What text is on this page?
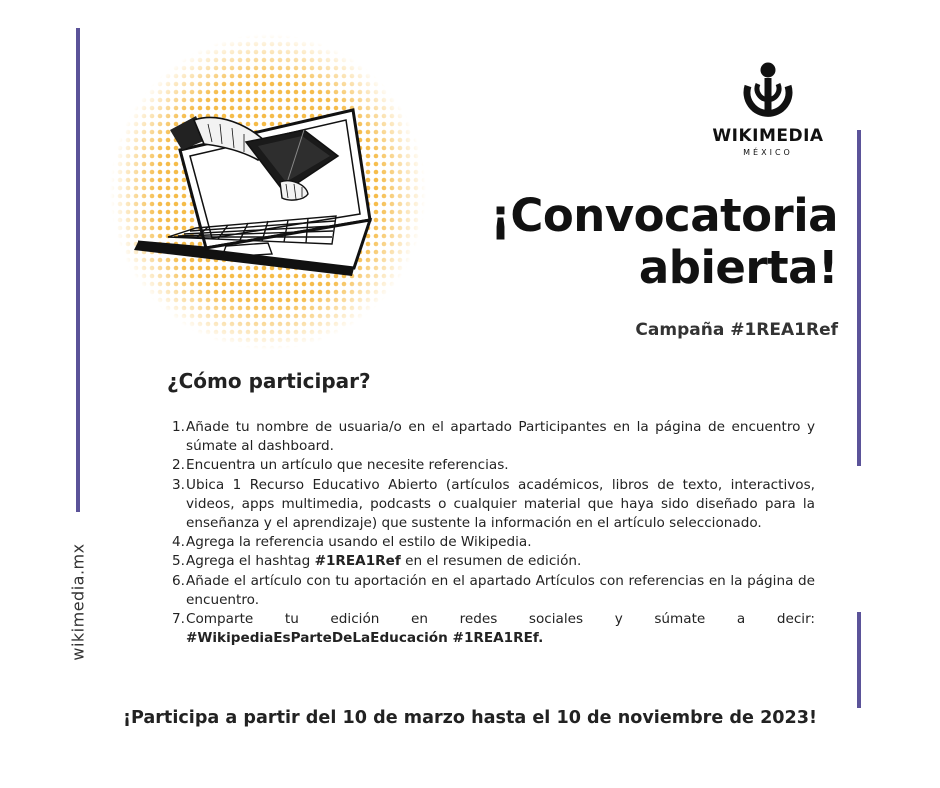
wikimedia.mx
WIKIMEDIA
MÉXICO
¡Convocatoria
abierta!
Campaña #1REA1Ref
¿Cómo participar?
1. Añade tu nombre de usuaria/o en el apartado Participantes en la página de encuentro y súmate al dashboard.
2. Encuentra un artículo que necesite referencias.
3. Ubica 1 Recurso Educativo Abierto (artículos académicos, libros de texto, interactivos, videos, apps multimedia, podcasts o cualquier material que haya sido diseñado para la enseñanza y el aprendizaje) que sustente la información en el artículo seleccionado.
4. Agrega la referencia usando el estilo de Wikipedia.
5. Agrega el hashtag #1REA1Ref en el resumen de edición.
6. Añade el artículo con tu aportación en el apartado Artículos con referencias en la página de encuentro.
7. Comparte tu edición en redes sociales y súmate a decir: #WikipediaEsParteDeLaEducación #1REA1REf.
¡Participa a partir del 10 de marzo hasta el 10 de noviembre de 2023!
